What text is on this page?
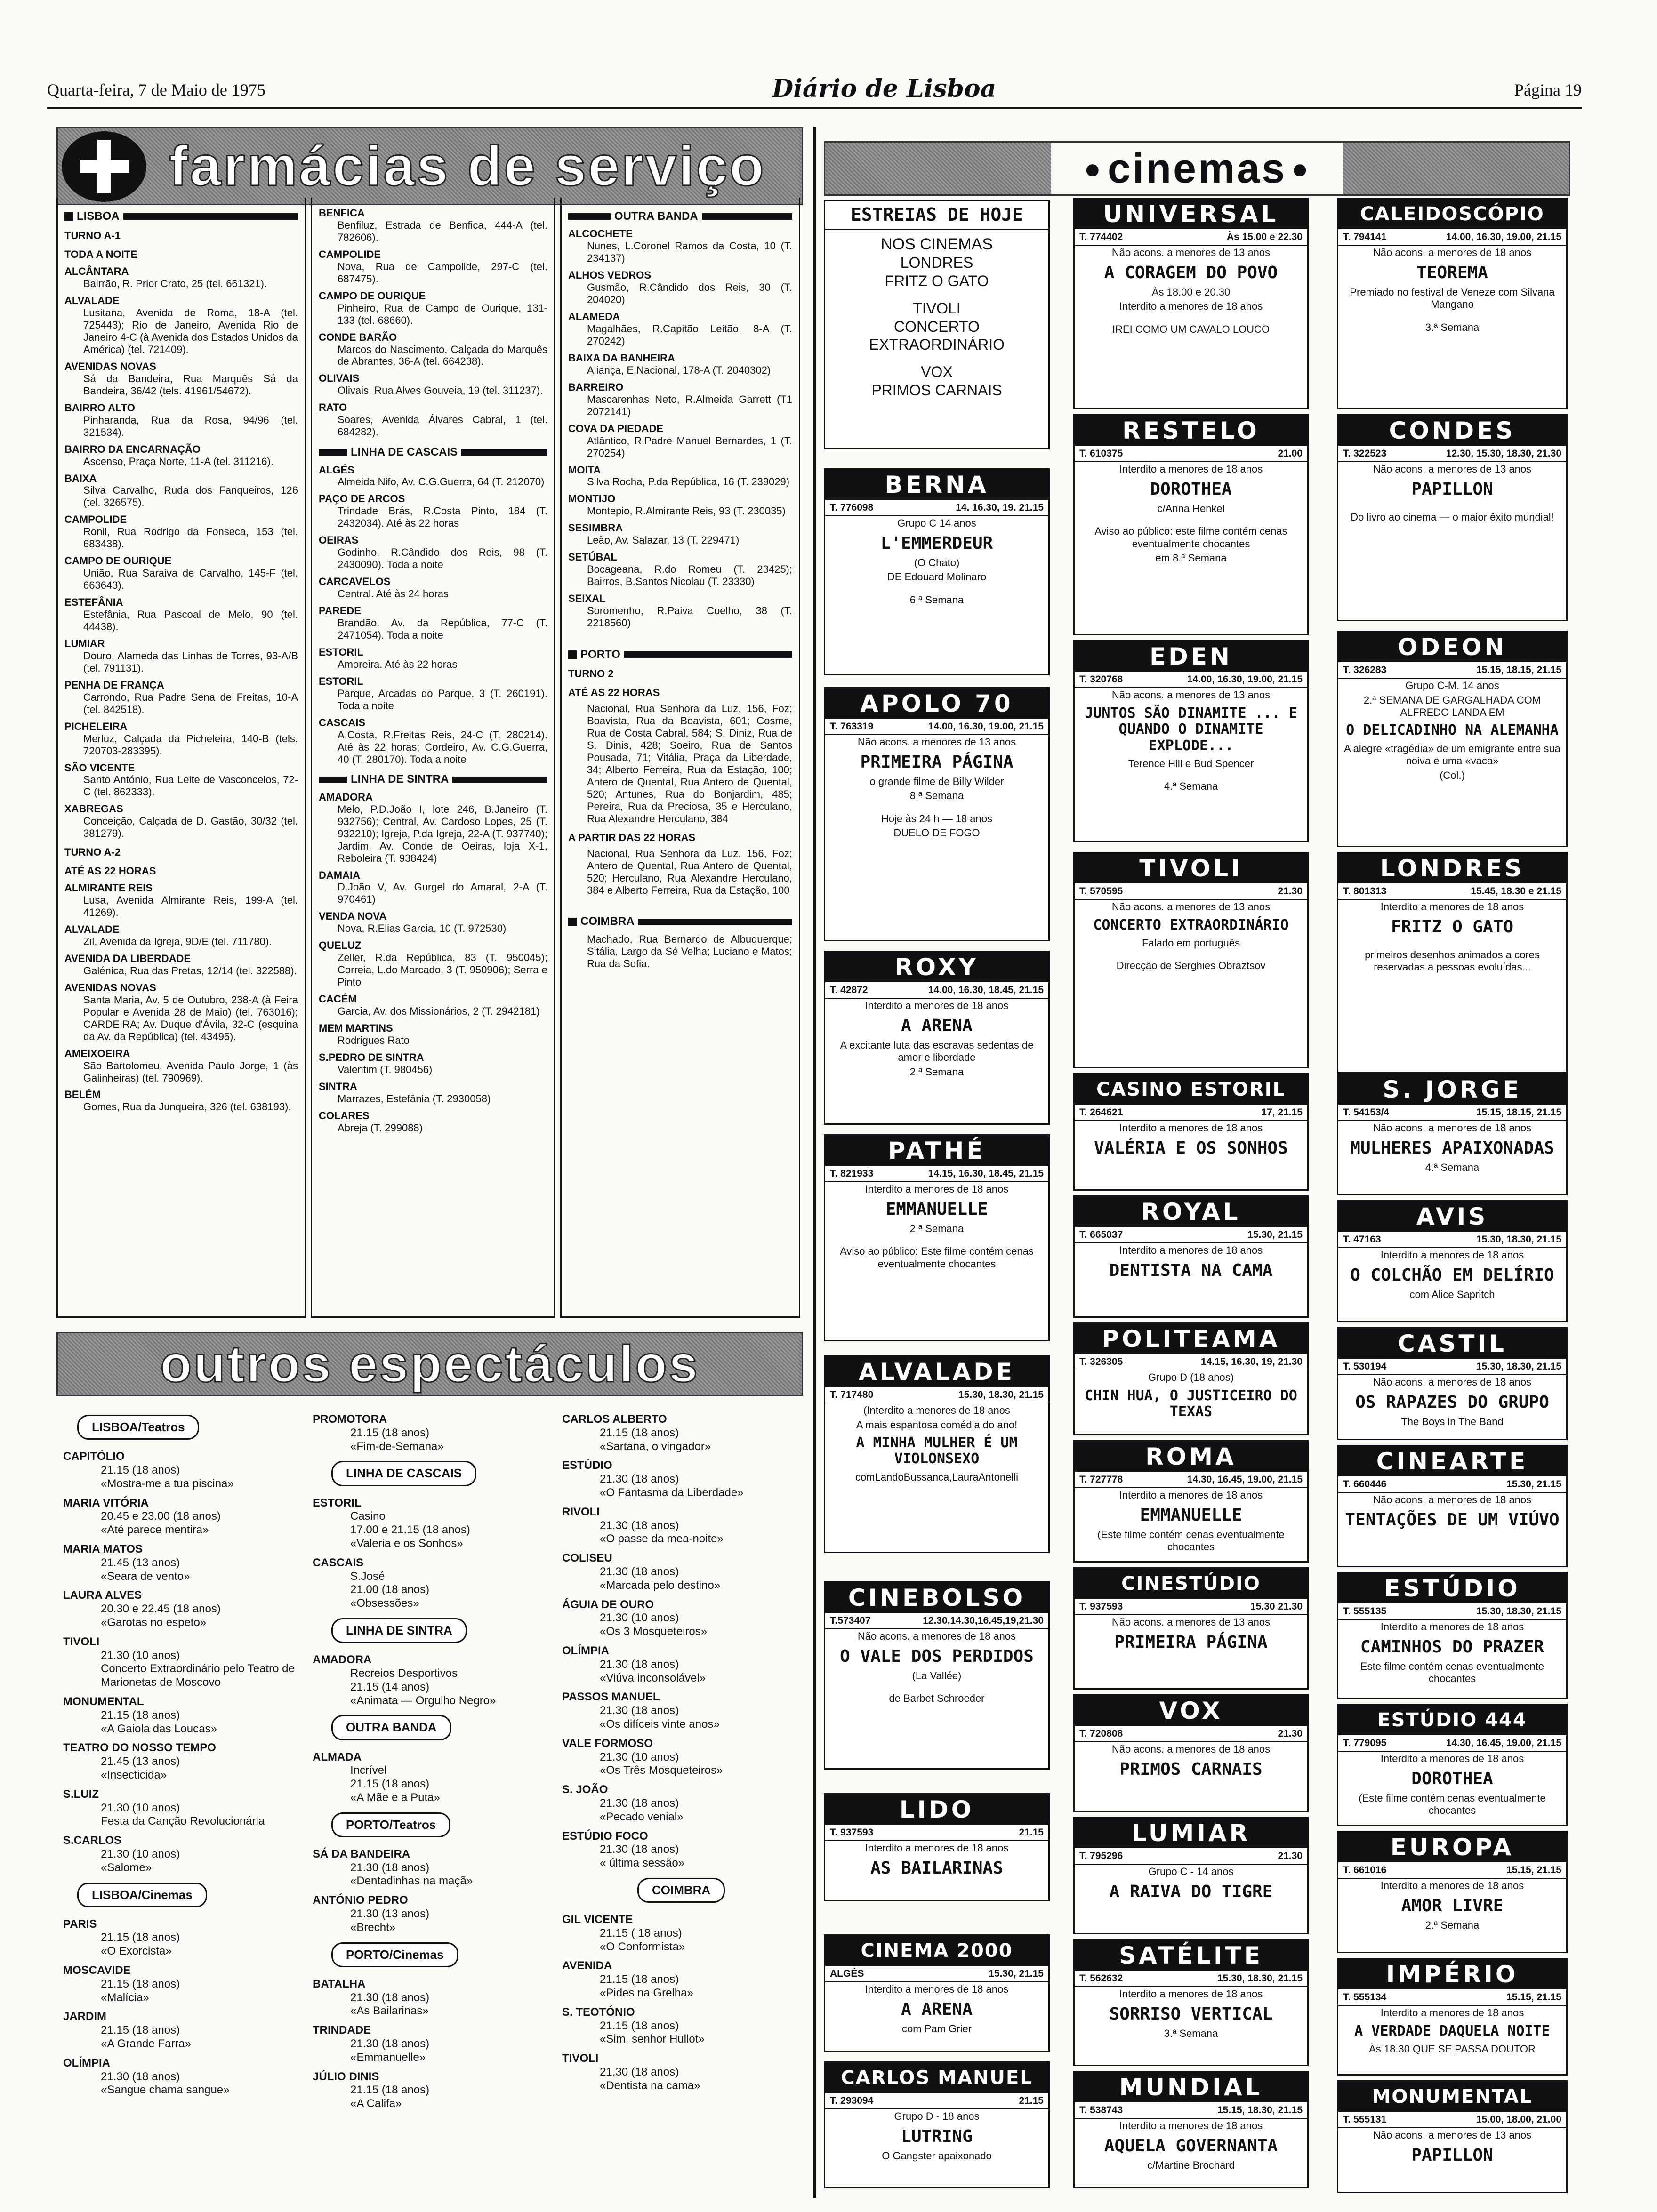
Quarta-feira, 7 de Maio de 1975	Diário de Lisboa	Página 19
farmácias de serviço
LISBOA
TURNO A-1
TODA A NOITE
ALCÂNTARA
Bairrão, R. Prior Crato, 25 (tel. 661321).
ALVALADE
Lusitana, Avenida de Roma, 18-A (tel. 725443); Rio de Janeiro, Avenida Rio de Janeiro 4-C (à Avenida dos Estados Unidos da América) (tel. 721409).
AVENIDAS NOVAS
Sá da Bandeira, Rua Marquês Sá da Bandeira, 36/42 (tels. 41961/54672).
BAIRRO ALTO
Pinharanda, Rua da Rosa, 94/96 (tel. 321534).
BAIRRO DA ENCARNAÇÃO
Ascenso, Praça Norte, 11-A (tel. 311216).
BAIXA
Silva Carvalho, Ruda dos Fanqueiros, 126 (tel. 326575).
CAMPOLIDE
Ronil, Rua Rodrigo da Fonseca, 153 (tel. 683438).
CAMPO DE OURIQUE
União, Rua Saraiva de Carvalho, 145-F (tel. 663643).
ESTEFÂNIA
Estefânia, Rua Pascoal de Melo, 90 (tel. 44438).
LUMIAR
Douro, Alameda das Linhas de Torres, 93-A/B (tel. 791131).
PENHA DE FRANÇA
Carrondo, Rua Padre Sena de Freitas, 10-A (tel. 842518).
PICHELEIRA
Merluz, Calçada da Picheleira, 140-B (tels. 720703-283395).
SÃO VICENTE
Santo António, Rua Leite de Vasconcelos, 72-C (tel. 862333).
XABREGAS
Conceição, Calçada de D. Gastão, 30/32 (tel. 381279).
TURNO A-2
ATÉ AS 22 HORAS
ALMIRANTE REIS
Lusa, Avenida Almirante Reis, 199-A (tel. 41269).
ALVALADE
Zil, Avenida da Igreja, 9D/E (tel. 711780).
AVENIDA DA LIBERDADE
Galénica, Rua das Pretas, 12/14 (tel. 322588).
AVENIDAS NOVAS
Santa Maria, Av. 5 de Outubro, 238-A (à Feira Popular e Avenida 28 de Maio) (tel. 763016); CARDEIRA; Av. Duque d'Ávila, 32-C (esquina da Av. da República) (tel. 43495).
AMEIXOEIRA
São Bartolomeu, Avenida Paulo Jorge, 1 (às Galinheiras) (tel. 790969).
BELÉM
Gomes, Rua da Junqueira, 326 (tel. 638193).
BENFICA
Benfiluz, Estrada de Benfica, 444-A (tel. 782606).
CAMPOLIDE
Nova, Rua de Campolide, 297-C (tel. 687475).
CAMPO DE OURIQUE
Pinheiro, Rua de Campo de Ourique, 131-133 (tel. 68660).
CONDE BARÃO
Marcos do Nascimento, Calçada do Marquês de Abrantes, 36-A (tel. 664238).
OLIVAIS
Olivais, Rua Alves Gouveia, 19 (tel. 311237).
RATO
Soares, Avenida Álvares Cabral, 1 (tel. 684282).
LINHA DE CASCAIS
ALGÉS
Almeida Nifo, Av. C.G.Guerra, 64 (T. 212070)
PAÇO DE ARCOS
Trindade Brás, R.Costa Pinto, 184 (T. 2432034). Até às 22 horas
OEIRAS
Godinho, R.Cândido dos Reis, 98 (T. 2430090). Toda a noite
CARCAVELOS
Central. Até às 24 horas
PAREDE
Brandão, Av. da República, 77-C (T. 2471054). Toda a noite
ESTORIL
Amoreira. Até às 22 horas
ESTORIL
Parque, Arcadas do Parque, 3 (T. 260191). Toda a noite
CASCAIS
A.Costa, R.Freitas Reis, 24-C (T. 280214). Até às 22 horas; Cordeiro, Av. C.G.Guerra, 40 (T. 280170). Toda a noite
LINHA DE SINTRA
AMADORA
Melo, P.D.João I, lote 246, B.Janeiro (T. 932756); Central, Av. Cardoso Lopes, 25 (T. 932210); Igreja, P.da Igreja, 22-A (T. 937740); Jardim, Av. Conde de Oeiras, loja X-1, Reboleira (T. 938424)
DAMAIA
D.João V, Av. Gurgel do Amaral, 2-A (T. 970461)
VENDA NOVA
Nova, R.Elias Garcia, 10 (T. 972530)
QUELUZ
Zeller, R.da República, 83 (T. 950045); Correia, L.do Marcado, 3 (T. 950906); Serra e Pinto
CACÉM
Garcia, Av. dos Missionários, 2 (T. 2942181)
MEM MARTINS
Rodrigues Rato
S.PEDRO DE SINTRA
Valentim (T. 980456)
SINTRA
Marrazes, Estefânia (T. 2930058)
COLARES
Abreja (T. 299088)
OUTRA BANDA
ALCOCHETE
Nunes, L.Coronel Ramos da Costa, 10 (T. 234137)
ALHOS VEDROS
Gusmão, R.Cândido dos Reis, 30 (T. 204020)
ALAMEDA
Magalhães, R.Capitão Leitão, 8-A (T. 270242)
BAIXA DA BANHEIRA
Aliança, E.Nacional, 178-A (T. 2040302)
BARREIRO
Mascarenhas Neto, R.Almeida Garrett (T1 2072141)
COVA DA PIEDADE
Atlântico, R.Padre Manuel Bernardes, 1 (T. 270254)
MOITA
Silva Rocha, P.da República, 16 (T. 239029)
MONTIJO
Montepio, R.Almirante Reis, 93 (T. 230035)
SESIMBRA
Leão, Av. Salazar, 13 (T. 229471)
SETÚBAL
Bocageana, R.do Romeu (T. 23425); Bairros, B.Santos Nicolau (T. 23330)
SEIXAL
Soromenho, R.Paiva Coelho, 38 (T. 2218560)
PORTO
TURNO 2
ATÉ AS 22 HORAS
Nacional, Rua Senhora da Luz, 156, Foz; Boavista, Rua da Boavista, 601; Cosme, Rua de Costa Cabral, 584; S. Diniz, Rua de S. Dinis, 428; Soeiro, Rua de Santos Pousada, 71; Vitália, Praça da Liberdade, 34; Alberto Ferreira, Rua da Estação, 100; Antero de Quental, Rua Antero de Quental, 520; Antunes, Rua do Bonjardim, 485; Pereira, Rua da Preciosa, 35 e Herculano, Rua Alexandre Herculano, 384
A PARTIR DAS 22 HORAS
Nacional, Rua Senhora da Luz, 156, Foz; Antero de Quental, Rua Antero de Quental, 520; Herculano, Rua Alexandre Herculano, 384 e Alberto Ferreira, Rua da Estação, 100
COIMBRA
Machado, Rua Bernardo de Albuquerque; Sitália, Largo da Sé Velha; Luciano e Matos; Rua da Sofia.
outros espectáculos
LISBOA/Teatros
CAPITÓLIO
21.15 (18 anos)
«Mostra-me a tua piscina»
MARIA VITÓRIA
20.45 e 23.00 (18 anos)
«Até parece mentira»
MARIA MATOS
21.45 (13 anos)
«Seara de vento»
LAURA ALVES
20.30 e 22.45 (18 anos)
«Garotas no espeto»
TIVOLI
21.30 (10 anos)
Concerto Extraordinário pelo Teatro de Marionetas de Moscovo
MONUMENTAL
21.15 (18 anos)
«A Gaiola das Loucas»
TEATRO DO NOSSO TEMPO
21.45 (13 anos)
«Insecticida»
S.LUIZ
21.30 (10 anos)
Festa da Canção Revolucionária
S.CARLOS
21.30 (10 anos)
«Salome»
LISBOA/Cinemas
PARIS
21.15 (18 anos)
«O Exorcista»
MOSCAVIDE
21.15 (18 anos)
«Malícia»
JARDIM
21.15 (18 anos)
«A Grande Farra»
OLÍMPIA
21.30 (18 anos)
«Sangue chama sangue»
PROMOTORA
21.15 (18 anos)
«Fim-de-Semana»
LINHA DE CASCAIS
ESTORIL
Casino
17.00 e 21.15 (18 anos)
«Valeria e os Sonhos»
CASCAIS
S.José
21.00 (18 anos)
«Obsessões»
LINHA DE SINTRA
AMADORA
Recreios Desportivos
21.15 (14 anos)
«Animata — Orgulho Negro»
OUTRA BANDA
ALMADA
Incrível
21.15 (18 anos)
«A Mãe e a Puta»
PORTO/Teatros
SÁ DA BANDEIRA
21.30 (18 anos)
«Dentadinhas na maçã»
ANTÓNIO PEDRO
21.30 (13 anos)
«Brecht»
PORTO/Cinemas
BATALHA
21.30 (18 anos)
«As Bailarinas»
TRINDADE
21.30 (18 anos)
«Emmanuelle»
JÚLIO DINIS
21.15 (18 anos)
«A Califa»
CARLOS ALBERTO
21.15 (18 anos)
«Sartana, o vingador»
ESTÚDIO
21.30 (18 anos)
«O Fantasma da Liberdade»
RIVOLI
21.30 (18 anos)
«O passe da mea-noite»
COLISEU
21.30 (18 anos)
«Marcada pelo destino»
ÁGUIA DE OURO
21.30 (10 anos)
«Os 3 Mosqueteiros»
OLÍMPIA
21.30 (18 anos)
«Viúva inconsolável»
PASSOS MANUEL
21.30 (18 anos)
«Os difíceis vinte anos»
VALE FORMOSO
21.30 (10 anos)
«Os Três Mosqueteiros»
S. JOÃO
21.30 (18 anos)
«Pecado venial»
ESTÚDIO FOCO
21.30 (18 anos)
« última sessão»
COIMBRA
GIL VICENTE
21.15 ( 18 anos)
«O Conformista»
AVENIDA
21.15 (18 anos)
«Pides na Grelha»
S. TEOTÓNIO
21.15 (18 anos)
«Sim, senhor Hullot»
TIVOLI
21.30 (18 anos)
«Dentista na cama»
● cinemas ●
ESTREIAS DE HOJE
NOS CINEMAS
LONDRES
FRITZ O GATO
TIVOLI
CONCERTO
EXTRAORDINÁRIO
VOX
PRIMOS CARNAIS
BERNA
T. 776098	14. 16.30, 19. 21.15
Grupo C 14 anos
L'EMMERDEUR
(O Chato)
DE Edouard Molinaro
6.ª Semana
APOLO 70
T. 763319	14.00, 16.30, 19.00, 21.15
Não acons. a menores de 13 anos
PRIMEIRA PÁGINA
o grande filme de Billy Wilder
8.ª Semana
Hoje às 24 h — 18 anos
DUELO DE FOGO
ROXY
T. 42872	14.00, 16.30, 18.45, 21.15
Interdito a menores de 18 anos
A ARENA
A excitante luta das escravas sedentas de amor e liberdade
2.ª Semana
PATHÉ
T. 821933	14.15, 16.30, 18.45, 21.15
Interdito a menores de 18 anos
EMMANUELLE
2.ª Semana
Aviso ao público: Este filme contém cenas eventualmente chocantes
ALVALADE
T. 717480	15.30, 18.30, 21.15
(Interdito a menores de 18 anos
A mais espantosa comédia do ano!
A MINHA MULHER É UM VIOLONSEXO
comLandoBussanca,LauraAntonelli
CINEBOLSO
T.573407	12.30,14.30,16.45,19,21.30
Não acons. a menores de 18 anos
O VALE DOS PERDIDOS
(La Vallée)
de Barbet Schroeder
LIDO
T. 937593	21.15
Interdito a menores de 18 anos
AS BAILARINAS
CINEMA 2000
ALGÉS	15.30, 21.15
Interdito a menores de 18 anos
A ARENA
com Pam Grier
CARLOS MANUEL
T. 293094	21.15
Grupo D - 18 anos
LUTRING
O Gangster apaixonado
UNIVERSAL
T. 774402	Às 15.00 e 22.30
Não acons. a menores de 13 anos
A CORAGEM DO POVO
Às 18.00 e 20.30
Interdito a menores de 18 anos
IREI COMO UM CAVALO LOUCO
RESTELO
T. 610375	21.00
Interdito a menores de 18 anos
DOROTHEA
c/Anna Henkel
Aviso ao público: este filme contém cenas eventualmente chocantes
em 8.ª Semana
EDEN
T. 320768	14.00, 16.30, 19.00, 21.15
Não acons. a menores de 13 anos
JUNTOS SÃO DINAMITE ... E QUANDO O DINAMITE EXPLODE...
Terence Hill e Bud Spencer
4.ª Semana
TIVOLI
T. 570595	21.30
Não acons. a menores de 13 anos
CONCERTO EXTRAORDINÁRIO
Falado em português
Direcção de Serghies Obraztsov
CASINO ESTORIL
T. 264621	17, 21.15
Interdito a menores de 18 anos
VALÉRIA E OS SONHOS
ROYAL
T. 665037	15.30, 21.15
Interdito a menores de 18 anos
DENTISTA NA CAMA
POLITEAMA
T. 326305	14.15, 16.30, 19, 21.30
Grupo D (18 anos)
CHIN HUA, O JUSTICEIRO DO TEXAS
ROMA
T. 727778	14.30, 16.45, 19.00, 21.15
Interdito a menores de 18 anos
EMMANUELLE
(Este filme contém cenas eventualmente chocantes
CINESTÚDIO
T. 937593	15.30 21.30
Não acons. a menores de 13 anos
PRIMEIRA PÁGINA
VOX
T. 720808	21.30
Não acons. a menores de 18 anos
PRIMOS CARNAIS
LUMIAR
T. 795296	21.30
Grupo C - 14 anos
A RAIVA DO TIGRE
SATÉLITE
T. 562632	15.30, 18.30, 21.15
Interdito a menores de 18 anos
SORRISO VERTICAL
3.ª Semana
MUNDIAL
T. 538743	15.15, 18.30, 21.15
Interdito a menores de 18 anos
AQUELA GOVERNANTA
c/Martine Brochard
CALEIDOSCÓPIO
T. 794141	14.00, 16.30, 19.00, 21.15
Não acons. a menores de 18 anos
TEOREMA
Premiado no festival de Veneze com Silvana Mangano
3.ª Semana
CONDES
T. 322523	12.30, 15.30, 18.30, 21.30
Não acons. a menores de 13 anos
PAPILLON
Do livro ao cinema — o maior êxito mundial!
ODEON
T. 326283	15.15, 18.15, 21.15
Grupo C-M. 14 anos
2.ª SEMANA DE GARGALHADA COM ALFREDO LANDA EM
O DELICADINHO NA ALEMANHA
A alegre «tragédia» de um emigrante entre sua noiva e uma «vaca»
(Col.)
LONDRES
T. 801313	15.45, 18.30 e 21.15
Interdito a menores de 18 anos
FRITZ O GATO
primeiros desenhos animados a cores reservadas a pessoas evoluídas...
S. JORGE
T. 54153/4	15.15, 18.15, 21.15
Não acons. a menores de 18 anos
MULHERES APAIXONADAS
4.ª Semana
AVIS
T. 47163	15.30, 18.30, 21.15
Interdito a menores de 18 anos
O COLCHÃO EM DELÍRIO
com Alice Sapritch
CASTIL
T. 530194	15.30, 18.30, 21.15
Não acons. a menores de 18 anos
OS RAPAZES DO GRUPO
The Boys in The Band
CINEARTE
T. 660446	15.30, 21.15
Não acons. a menores de 18 anos
TENTAÇÕES DE UM VIÚVO
ESTÚDIO
T. 555135	15.30, 18.30, 21.15
Interdito a menores de 18 anos
CAMINHOS DO PRAZER
Este filme contém cenas eventualmente chocantes
ESTÚDIO 444
T. 779095	14.30, 16.45, 19.00, 21.15
Interdito a menores de 18 anos
DOROTHEA
(Este filme contém cenas eventualmente chocantes
EUROPA
T. 661016	15.15, 21.15
Interdito a menores de 18 anos
AMOR LIVRE
2.ª Semana
IMPÉRIO
T. 555134	15.15, 21.15
Interdito a menores de 18 anos
A VERDADE DAQUELA NOITE
Às 18.30 QUE SE PASSA DOUTOR
MONUMENTAL
T. 555131	15.00, 18.00, 21.00
Não acons. a menores de 13 anos
PAPILLON
